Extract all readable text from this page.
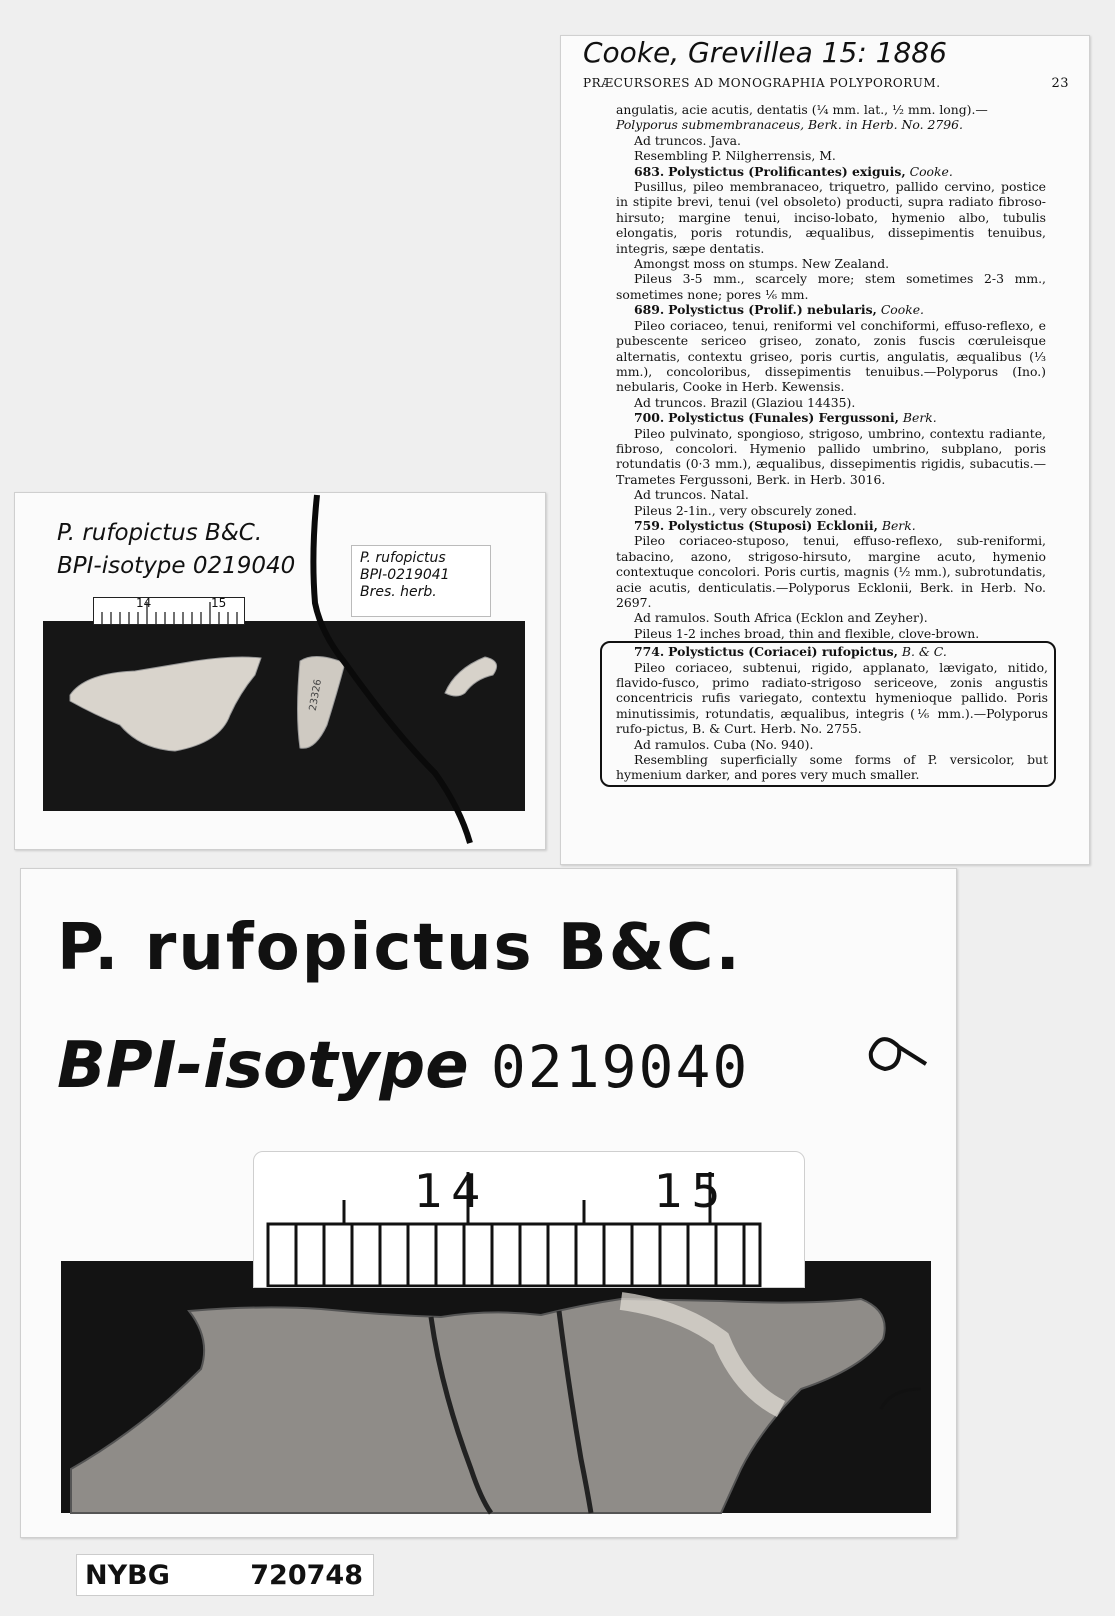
P. rufopictus B&C.
BPI-isotype 0219040	P. rufopictus
BPI-0219041
Bres. herb.
14	15
23326
Cooke, Grevillea 15: 1886
PRÆCURSORES AD MONOGRAPHIA POLYPORORUM.	23

angulatis, acie acutis, dentatis (¼ mm. lat., ½ mm. long).—

Polyporus submembranaceus, Berk. in Herb. No. 2796.

Ad truncos. Java.

Resembling P. Nilgherrensis, M.

683. Polystictus (Prolificantes) exiguis, Cooke.

Pusillus, pileo membranaceo, triquetro, pallido cervino, postice in stipite brevi, tenui (vel obsoleto) producti, supra radiato fibroso-hirsuto; margine tenui, inciso-lobato, hymenio albo, tubulis elongatis, poris rotundis, æqualibus, dissepimentis tenuibus, integris, sæpe dentatis.

Amongst moss on stumps. New Zealand.

Pileus 3-5 mm., scarcely more; stem sometimes 2-3 mm., sometimes none; pores ⅙ mm.

689. Polystictus (Prolif.) nebularis, Cooke.

Pileo coriaceo, tenui, reniformi vel conchiformi, effuso-reflexo, e pubescente sericeo griseo, zonato, zonis fuscis cœruleisque alternatis, contextu griseo, poris curtis, angulatis, æqualibus (⅓ mm.), concoloribus, dissepimentis tenuibus.—Polyporus (Ino.) nebularis, Cooke in Herb. Kewensis.

Ad truncos. Brazil (Glaziou 14435).

700. Polystictus (Funales) Fergussoni, Berk.

Pileo pulvinato, spongioso, strigoso, umbrino, contextu radiante, fibroso, concolori. Hymenio pallido umbrino, subplano, poris rotundatis (0·3 mm.), æqualibus, dissepimentis rigidis, subacutis.—Trametes Fergussoni, Berk. in Herb. 3016.

Ad truncos. Natal.

Pileus 2-1in., very obscurely zoned.

759. Polystictus (Stuposi) Ecklonii, Berk.

Pileo coriaceo-stuposo, tenui, effuso-reflexo, sub-reniformi, tabacino, azono, strigoso-hirsuto, margine acuto, hymenio contextuque concolori. Poris curtis, magnis (½ mm.), subrotundatis, acie acutis, denticulatis.—Polyporus Ecklonii, Berk. in Herb. No. 2697.

Ad ramulos. South Africa (Ecklon and Zeyher).

Pileus 1-2 inches broad, thin and flexible, clove-brown.

774. Polystictus (Coriacei) rufopictus, B. & C.

Pileo coriaceo, subtenui, rigido, applanato, lævigato, nitido, flavido-fusco, primo radiato-strigoso sericeove, zonis angustis concentricis rufis variegato, contextu hymenioque pallido. Poris minutissimis, rotundatis, æqualibus, integris (⅙ mm.).—Polyporus rufo-pictus, B. & Curt. Herb. No. 2755.

Ad ramulos. Cuba (No. 940).

Resembling superficially some forms of P. versicolor, but hymenium darker, and pores very much smaller.

P. rufopictus B&C.
BPI-isotype 0219040
14	15
NYBG	720748
